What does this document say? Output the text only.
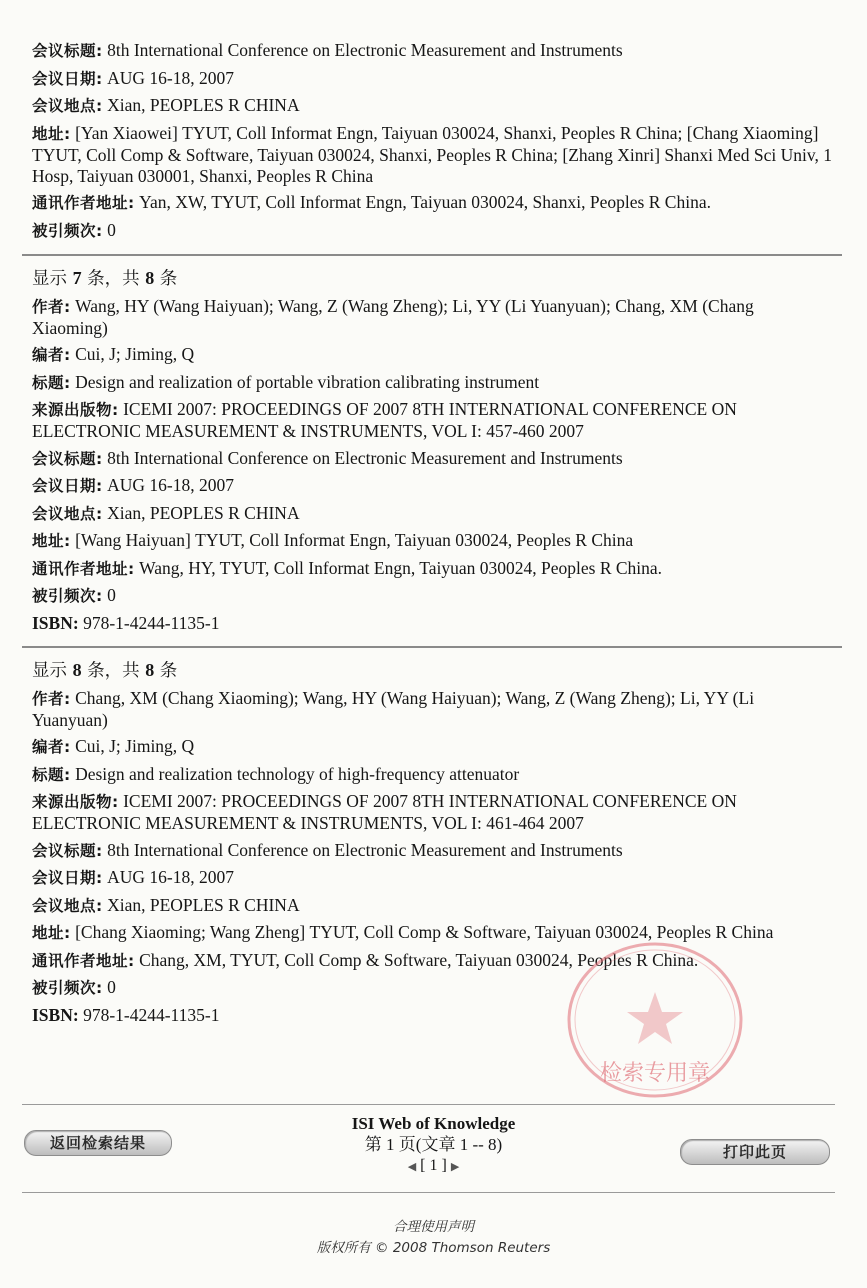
会议标题: 8th International Conference on Electronic Measurement and Instruments
会议日期: AUG 16-18, 2007
会议地点: Xian, PEOPLES R CHINA
地址: [Yan Xiaowei] TYUT, Coll Informat Engn, Taiyuan 030024, Shanxi, Peoples R China; [Chang Xiaoming] TYUT, Coll Comp & Software, Taiyuan 030024, Shanxi, Peoples R China; [Zhang Xinri] Shanxi Med Sci Univ, 1 Hosp, Taiyuan 030001, Shanxi, Peoples R China
通讯作者地址: Yan, XW, TYUT, Coll Informat Engn, Taiyuan 030024, Shanxi, Peoples R China.
被引频次: 0
显示 7 条，共 8 条
作者: Wang, HY (Wang Haiyuan); Wang, Z (Wang Zheng); Li, YY (Li Yuanyuan); Chang, XM (Chang Xiaoming)
编者: Cui, J; Jiming, Q
标题: Design and realization of portable vibration calibrating instrument
来源出版物: ICEMI 2007: PROCEEDINGS OF 2007 8TH INTERNATIONAL CONFERENCE ON ELECTRONIC MEASUREMENT & INSTRUMENTS, VOL I: 457-460 2007
会议标题: 8th International Conference on Electronic Measurement and Instruments
会议日期: AUG 16-18, 2007
会议地点: Xian, PEOPLES R CHINA
地址: [Wang Haiyuan] TYUT, Coll Informat Engn, Taiyuan 030024, Peoples R China
通讯作者地址: Wang, HY, TYUT, Coll Informat Engn, Taiyuan 030024, Peoples R China.
被引频次: 0
ISBN: 978-1-4244-1135-1
显示 8 条，共 8 条
作者: Chang, XM (Chang Xiaoming); Wang, HY (Wang Haiyuan); Wang, Z (Wang Zheng); Li, YY (Li Yuanyuan)
编者: Cui, J; Jiming, Q
标题: Design and realization technology of high-frequency attenuator
来源出版物: ICEMI 2007: PROCEEDINGS OF 2007 8TH INTERNATIONAL CONFERENCE ON ELECTRONIC MEASUREMENT & INSTRUMENTS, VOL I: 461-464 2007
会议标题: 8th International Conference on Electronic Measurement and Instruments
会议日期: AUG 16-18, 2007
会议地点: Xian, PEOPLES R CHINA
地址: [Chang Xiaoming; Wang Zheng] TYUT, Coll Comp & Software, Taiyuan 030024, Peoples R China
通讯作者地址: Chang, XM, TYUT, Coll Comp & Software, Taiyuan 030024, Peoples R China.
被引频次: 0
ISBN: 978-1-4244-1135-1
检索专用章
返回检索结果
ISI Web of Knowledge
第 1 页(文章 1 -- 8)
◀ [ 1 ] ▶
打印此页
合理使用声明
版权所有 © 2008 Thomson Reuters
